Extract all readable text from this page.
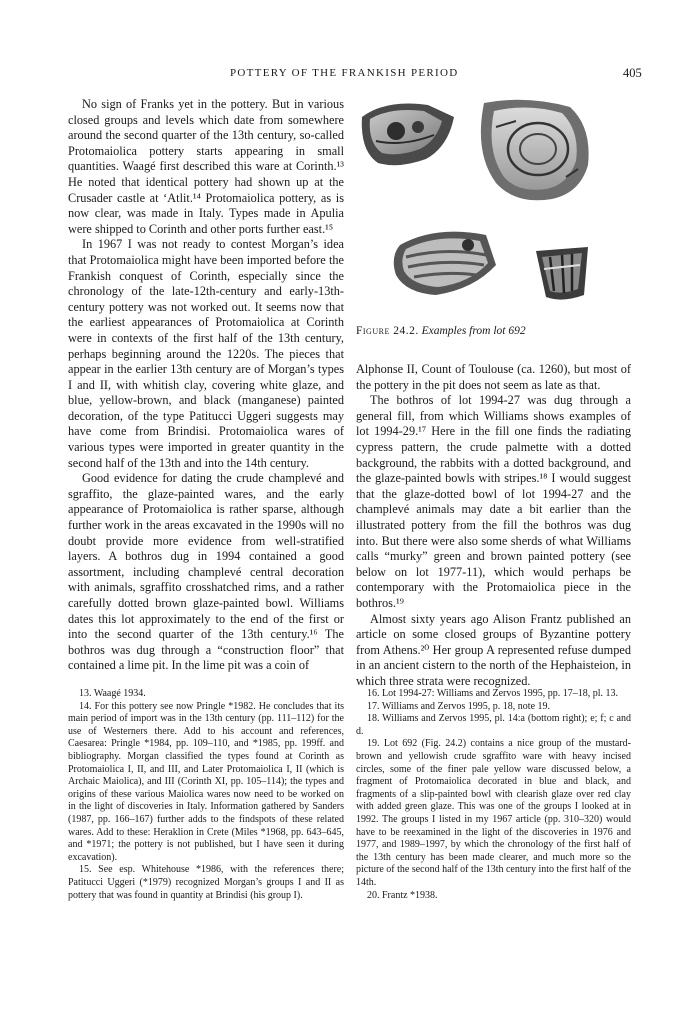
POTTERY OF THE FRANKISH PERIOD	405

No sign of Franks yet in the pottery. But in various closed groups and levels which date from somewhere around the second quarter of the 13th century, so-called Protomaiolica pottery starts appearing in small quantities. Waagé first described this ware at Corinth.¹³ He noted that identical pottery had shown up at the Crusader castle at ‘Atlit.¹⁴ Protomaiolica pottery, as is now clear, was made in Italy. Types made in Apulia were shipped to Corinth and other ports further east.¹⁵

In 1967 I was not ready to contest Morgan’s idea that Protomaiolica might have been imported before the Frankish conquest of Corinth, especially since the chronology of the late-12th-century and early-13th-century pottery was not worked out. It seems now that the earliest appearances of Protomaiolica at Corinth were in contexts of the first half of the 13th century, perhaps beginning around the 1220s. The pieces that appear in the earlier 13th century are of Morgan’s types I and II, with whitish clay, covering white glaze, and blue, yellow-brown, and black (manganese) painted decoration, of the type Patitucci Uggeri suggests may have come from Brindisi. Protomaiolica wares of various types were imported in greater quantity in the second half of the 13th and into the 14th century.

Good evidence for dating the crude champlevé and sgraffito, the glaze-painted wares, and the early appearance of Protomaiolica is rather sparse, although further work in the areas excavated in the 1990s will no doubt provide more evidence from well-stratified layers. A bothros dug in 1994 contained a good assortment, including champlevé central decoration with animals, sgraffito crosshatched rims, and a rather carefully dotted brown glaze-painted bowl. Williams dates this lot approximately to the end of the first or into the second quarter of the 13th century.¹⁶ The bothros was dug through a “construction floor” that contained a lime pit. In the lime pit was a coin of

Figure 24.2. Examples from lot 692

Alphonse II, Count of Toulouse (ca. 1260), but most of the pottery in the pit does not seem as late as that.

The bothros of lot 1994-27 was dug through a general fill, from which Williams shows examples of lot 1994-29.¹⁷ Here in the fill one finds the radiating cypress pattern, the crude palmette with a dotted background, the rabbits with a dotted background, and the glaze-painted bowls with stripes.¹⁸ I would suggest that the glaze-dotted bowl of lot 1994-27 and the champlevé animals may date a bit earlier than the illustrated pottery from the fill the bothros was dug into. But there were also some sherds of what Williams calls “murky” green and brown painted pottery (see below on lot 1977-11), which would perhaps be contemporary with the Protomaiolica piece in the bothros.¹⁹

Almost sixty years ago Alison Frantz published an article on some closed groups of Byzantine pottery from Athens.²⁰ Her group A represented refuse dumped in an ancient cistern to the north of the Hephaisteion, in which three strata were recognized.

13. Waagé 1934.

14. For this pottery see now Pringle *1982. He concludes that its main period of import was in the 13th century (pp. 111–112) for the use of Westerners there. Add to his account and references, Caesarea: Pringle *1984, pp. 109–110, and *1985, pp. 199ff. and bibliography. Morgan classified the types found at Corinth as Protomaiolica I, II, and III, and Later Protomaiolica I, II (which is Archaic Maiolica), and III (Corinth XI, pp. 105–114); the types and origins of these various Maiolica wares now need to be worked on in the light of discoveries in Italy. Information gathered by Sanders (1987, pp. 166–167) further adds to the findspots of these related wares. Add to these: Heraklion in Crete (Miles *1968, pp. 643–645, and *1971; the pottery is not published, but I have seen it during excavation).

15. See esp. Whitehouse *1986, with the references there; Patitucci Uggeri (*1979) recognized Morgan’s groups I and II as pottery that was found in quantity at Brindisi (his group I).

16. Lot 1994-27: Williams and Zervos 1995, pp. 17–18, pl. 13.

17. Williams and Zervos 1995, p. 18, note 19.

18. Williams and Zervos 1995, pl. 14:a (bottom right); e; f; c and d.

19. Lot 692 (Fig. 24.2) contains a nice group of the mustard-brown and yellowish crude sgraffito ware with heavy incised circles, some of the finer pale yellow ware discussed below, a fragment of Protomaiolica decorated in blue and black, and fragments of a slip-painted bowl with clearish glaze over red clay with added green glaze. This was one of the groups I looked at in 1992. The groups I listed in my 1967 article (pp. 310–320) would have to be reexamined in the light of the discoveries in 1976 and 1977, and 1989–1997, by which the chronology of the first half of the 13th century has been made clearer, and much more so the picture of the second half of the 13th century into the first half of the 14th.

20. Frantz *1938.
